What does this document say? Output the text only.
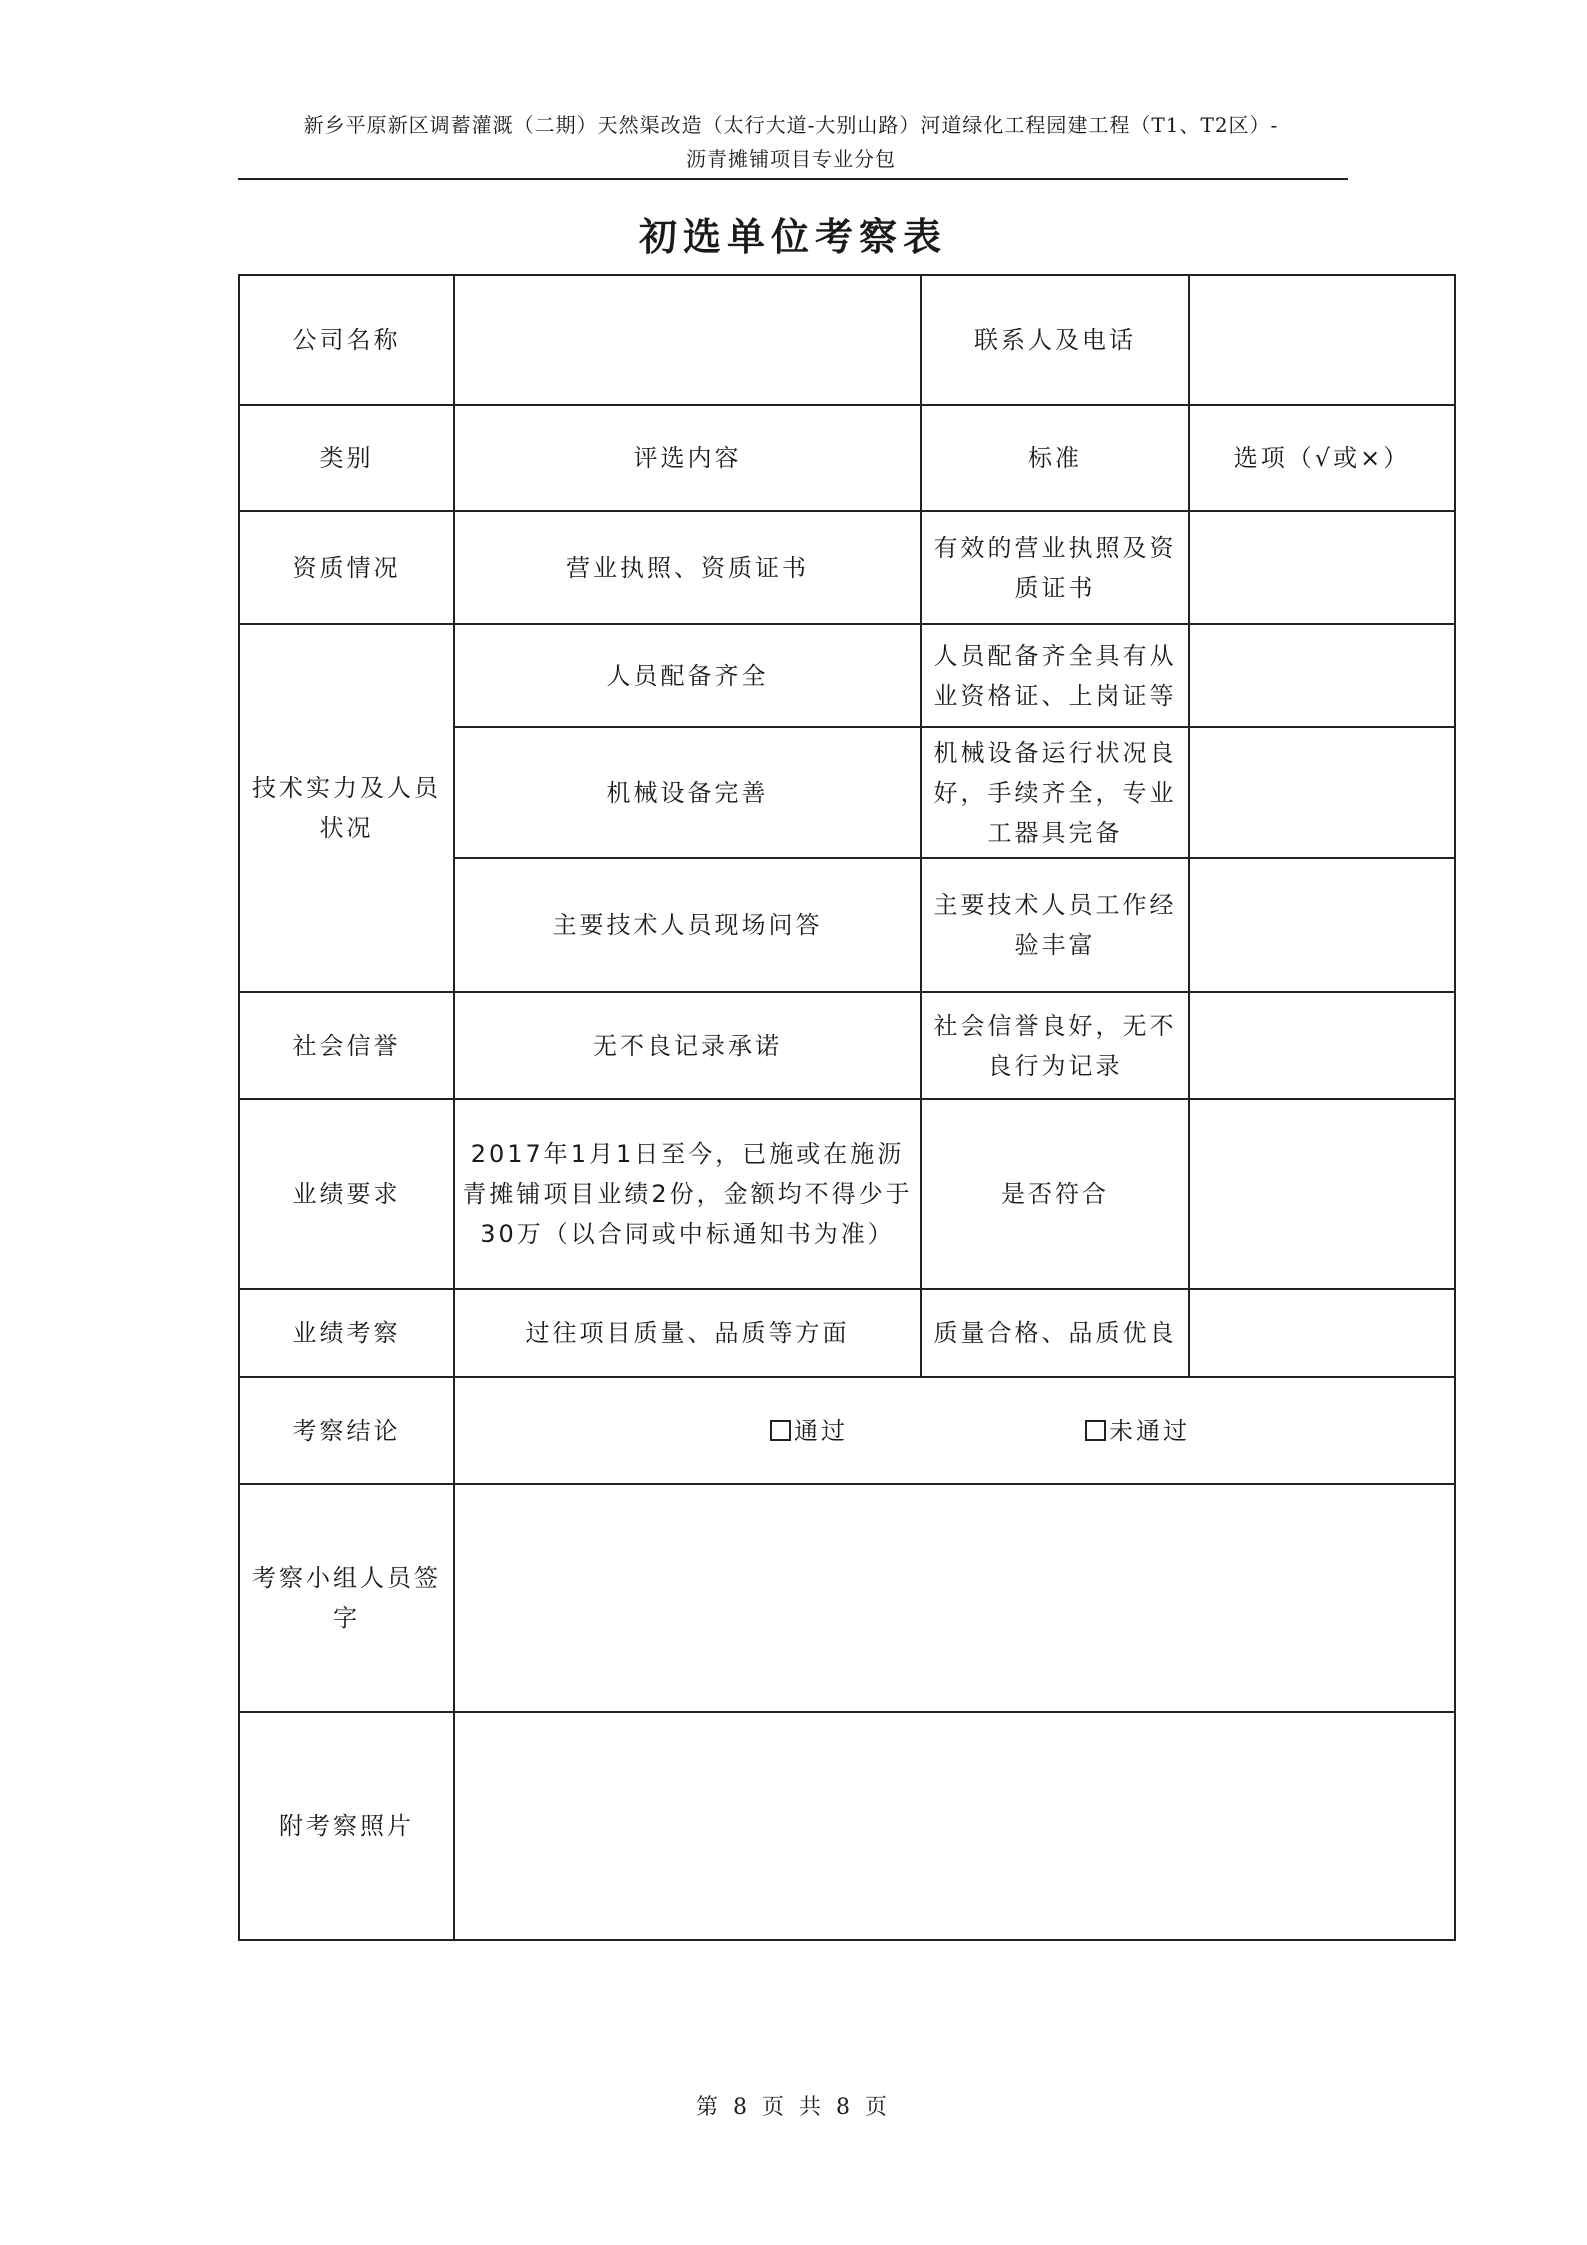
新乡平原新区调蓄灌溉（二期）天然渠改造（太行大道-大别山路）河道绿化工程园建工程（T1、T2区）-
沥青摊铺项目专业分包
初选单位考察表
公司名称		联系人及电话	
类别	评选内容	标准	选项（√或×）
资质情况	营业执照、资质证书	有效的营业执照及资质证书	
技术实力及人员状况	人员配备齐全	人员配备齐全具有从业资格证、上岗证等	
	机械设备完善	机械设备运行状况良好，手续齐全，专业工器具完备	
	主要技术人员现场问答	主要技术人员工作经验丰富	
社会信誉	无不良记录承诺	社会信誉良好，无不良行为记录	
业绩要求	2017年1月1日至今，已施或在施沥青摊铺项目业绩2份，金额均不得少于30万（以合同或中标通知书为准）	是否符合	
业绩考察	过往项目质量、品质等方面	质量合格、品质优良	
考察结论	通过 未通过		

考察小组人员签字			
附考察照片			
第 8 页 共 8 页
